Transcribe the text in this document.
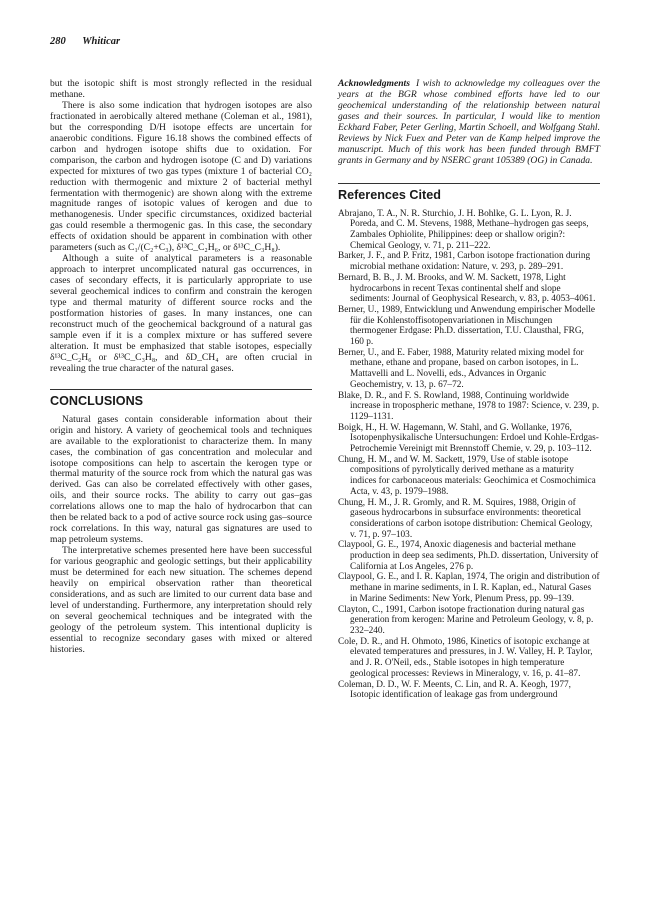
280 Whiticar

but the isotopic shift is most strongly reflected in the residual methane.

There is also some indication that hydrogen isotopes are also fractionated in aerobically altered methane (Coleman et al., 1981), but the corresponding D/H isotope effects are uncertain for anaerobic conditions. Figure 16.18 shows the combined effects of carbon and hydrogen isotope shifts due to oxidation. For comparison, the carbon and hydrogen isotope (C and D) variations expected for mixtures of two gas types (mixture 1 of bacterial CO₂ reduction with thermogenic and mixture 2 of bacterial methyl fermentation with thermogenic) are shown along with the extreme magnitude ranges of isotopic values of kerogen and due to methanogenesis. Under specific circumstances, oxidized bacterial gas could resemble a thermogenic gas. In this case, the secondary effects of oxidation should be apparent in combination with other parameters (such as C₁/(C₂+C₃), δ¹³C_C₂H₆, or δ¹³C_C₃H₈).

Although a suite of analytical parameters is a reasonable approach to interpret uncomplicated natural gas occurrences, in cases of secondary effects, it is particularly appropriate to use several geochemical indices to confirm and constrain the kerogen type and thermal maturity of different source rocks and the postformation histories of gases. In many instances, one can reconstruct much of the geochemical background of a natural gas sample even if it is a complex mixture or has suffered severe alteration. It must be emphasized that stable isotopes, especially δ¹³C_C₂H₆ or δ¹³C_C₃H₈, and δD_CH₄ are often crucial in revealing the true character of the natural gases.

CONCLUSIONS

Natural gases contain considerable information about their origin and history. A variety of geochemical tools and techniques are available to the explorationist to characterize them. In many cases, the combination of gas concentration and molecular and isotope compositions can help to ascertain the kerogen type or thermal maturity of the source rock from which the natural gas was derived. Gas can also be correlated effectively with other gases, oils, and their source rocks. The ability to carry out gas–gas correlations allows one to map the halo of hydrocarbon that can then be related back to a pod of active source rock using gas–source rock correlations. In this way, natural gas signatures are used to map petroleum systems.

The interpretative schemes presented here have been successful for various geographic and geologic settings, but their applicability must be determined for each new situation. The schemes depend heavily on empirical observation rather than theoretical considerations, and as such are limited to our current data base and level of understanding. Furthermore, any interpretation should rely on several geochemical techniques and be integrated with the geology of the petroleum system. This intentional duplicity is essential to recognize secondary gases with mixed or altered histories.

Acknowledgments I wish to acknowledge my colleagues over the years at the BGR whose combined efforts have led to our geochemical understanding of the relationship between natural gases and their sources. In particular, I would like to mention Eckhard Faber, Peter Gerling, Martin Schoell, and Wolfgang Stahl. Reviews by Nick Fuex and Peter van de Kamp helped improve the manuscript. Much of this work has been funded through BMFT grants in Germany and by NSERC grant 105389 (OG) in Canada.
References Cited

Abrajano, T. A., N. R. Sturchio, J. H. Bohlke, G. L. Lyon, R. J. Poreda, and C. M. Stevens, 1988, Methane–hydrogen gas seeps, Zambales Ophiolite, Philippines: deep or shallow origin?: Chemical Geology, v. 71, p. 211–222.

Barker, J. F., and P. Fritz, 1981, Carbon isotope fractionation during microbial methane oxidation: Nature, v. 293, p. 289–291.

Bernard, B. B., J. M. Brooks, and W. M. Sackett, 1978, Light hydrocarbons in recent Texas continental shelf and slope sediments: Journal of Geophysical Research, v. 83, p. 4053–4061.

Berner, U., 1989, Entwicklung und Anwendung empirischer Modelle für die Kohlenstoffisotopenvariationen in Mischungen thermogener Erdgase: Ph.D. dissertation, T.U. Clausthal, FRG, 160 p.

Berner, U., and E. Faber, 1988, Maturity related mixing model for methane, ethane and propane, based on carbon isotopes, in L. Mattavelli and L. Novelli, eds., Advances in Organic Geochemistry, v. 13, p. 67–72.

Blake, D. R., and F. S. Rowland, 1988, Continuing worldwide increase in tropospheric methane, 1978 to 1987: Science, v. 239, p. 1129–1131.

Boigk, H., H. W. Hagemann, W. Stahl, and G. Wollanke, 1976, Isotopenphysikalische Untersuchungen: Erdoel und Kohle-Erdgas-Petrochemie Vereinigt mit Brennstoff Chemie, v. 29, p. 103–112.

Chung, H. M., and W. M. Sackett, 1979, Use of stable isotope compositions of pyrolytically derived methane as a maturity indices for carbonaceous materials: Geochimica et Cosmochimica Acta, v. 43, p. 1979–1988.

Chung, H. M., J. R. Gromly, and R. M. Squires, 1988, Origin of gaseous hydrocarbons in subsurface environments: theoretical considerations of carbon isotope distribution: Chemical Geology, v. 71, p. 97–103.

Claypool, G. E., 1974, Anoxic diagenesis and bacterial methane production in deep sea sediments, Ph.D. dissertation, University of California at Los Angeles, 276 p.

Claypool, G. E., and I. R. Kaplan, 1974, The origin and distribution of methane in marine sediments, in I. R. Kaplan, ed., Natural Gases in Marine Sediments: New York, Plenum Press, pp. 99–139.

Clayton, C., 1991, Carbon isotope fractionation during natural gas generation from kerogen: Marine and Petroleum Geology, v. 8, p. 232–240.

Cole, D. R., and H. Ohmoto, 1986, Kinetics of isotopic exchange at elevated temperatures and pressures, in J. W. Valley, H. P. Taylor, and J. R. O'Neil, eds., Stable isotopes in high temperature geological processes: Reviews in Mineralogy, v. 16, p. 41–87.

Coleman, D. D., W. F. Meents, C. Lin, and R. A. Keogh, 1977, Isotopic identification of leakage gas from underground
